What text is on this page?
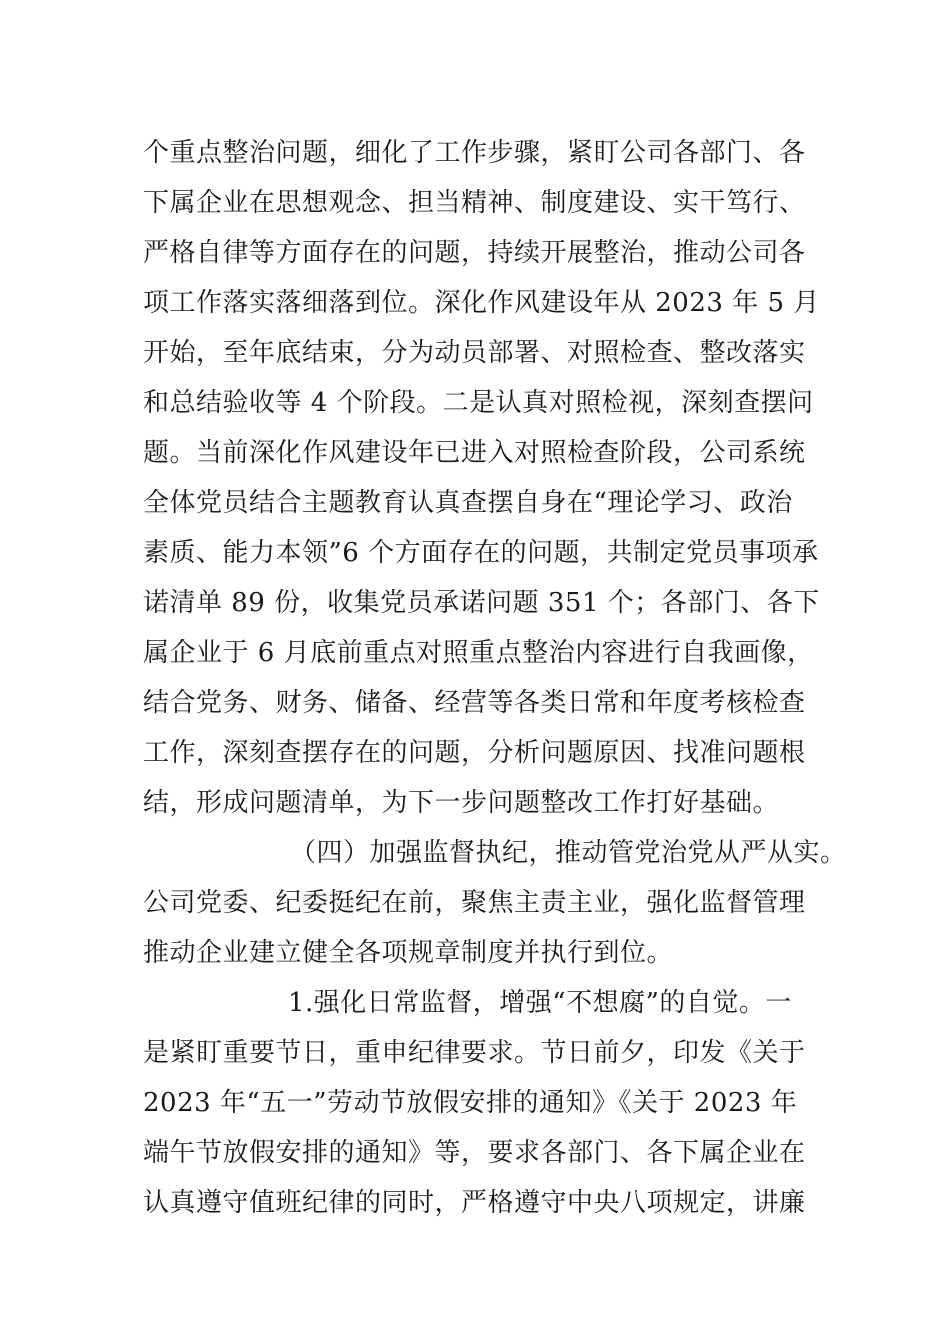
个重点整治问题，细化了工作步骤，紧盯公司各部门、各
下属企业在思想观念、担当精神、制度建设、实干笃行、
严格自律等方面存在的问题，持续开展整治，推动公司各
项工作落实落细落到位。深化作风建设年从 2023 年 5 月
开始，至年底结束，分为动员部署、对照检查、整改落实
和总结验收等 4 个阶段。二是认真对照检视，深刻查摆问
题。当前深化作风建设年已进入对照检查阶段，公司系统
全体党员结合主题教育认真查摆自身在“理论学习、政治
素质、能力本领”6 个方面存在的问题，共制定党员事项承
诺清单 89 份，收集党员承诺问题 351 个；各部门、各下
属企业于 6 月底前重点对照重点整治内容进行自我画像，
结合党务、财务、储备、经营等各类日常和年度考核检查
工作，深刻查摆存在的问题，分析问题原因、找准问题根
结，形成问题清单，为下一步问题整改工作打好基础。
（四）加强监督执纪，推动管党治党从严从实。
公司党委、纪委挺纪在前，聚焦主责主业，强化监督管理
推动企业建立健全各项规章制度并执行到位。
1.强化日常监督，增强“不想腐”的自觉。一
是紧盯重要节日，重申纪律要求。节日前夕，印发《关于
2023 年“五一”劳动节放假安排的通知》《关于 2023 年
端午节放假安排的通知》等，要求各部门、各下属企业在
认真遵守值班纪律的同时，严格遵守中央八项规定，讲廉
